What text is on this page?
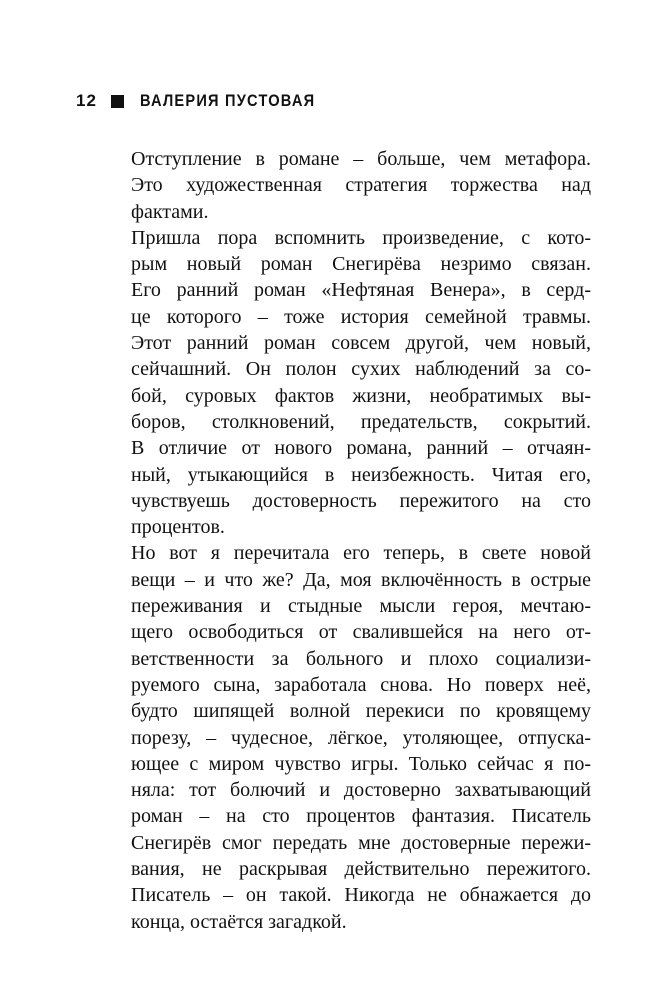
12	ВАЛЕРИЯ ПУСТОВАЯ
Отступление в романе – больше, чем метафора.
Это художественная стратегия торжества над
фактами.
Пришла пора вспомнить произведение, с кото-
рым новый роман Снегирёва незримо связан.
Его ранний роман «Нефтяная Венера», в серд-
це которого – тоже история семейной травмы.
Этот ранний роман совсем другой, чем новый,
сейчашний. Он полон сухих наблюдений за со-
бой, суровых фактов жизни, необратимых вы-
боров, столкновений, предательств, сокрытий.
В отличие от нового романа, ранний – отчаян-
ный, утыкающийся в неизбежность. Читая его,
чувствуешь достоверность пережитого на сто
процентов.
Но вот я перечитала его теперь, в свете новой
вещи – и что же? Да, моя включённость в острые
переживания и стыдные мысли героя, мечтаю-
щего освободиться от свалившейся на него от-
ветственности за больного и плохо социализи-
руемого сына, заработала снова. Но поверх неё,
будто шипящей волной перекиси по кровящему
порезу, – чудесное, лёгкое, утоляющее, отпуска-
ющее с миром чувство игры. Только сейчас я по-
няла: тот болючий и достоверно захватывающий
роман – на сто процентов фантазия. Писатель
Снегирёв смог передать мне достоверные пережи-
вания, не раскрывая действительно пережитого.
Писатель – он такой. Никогда не обнажается до
конца, остаётся загадкой.
